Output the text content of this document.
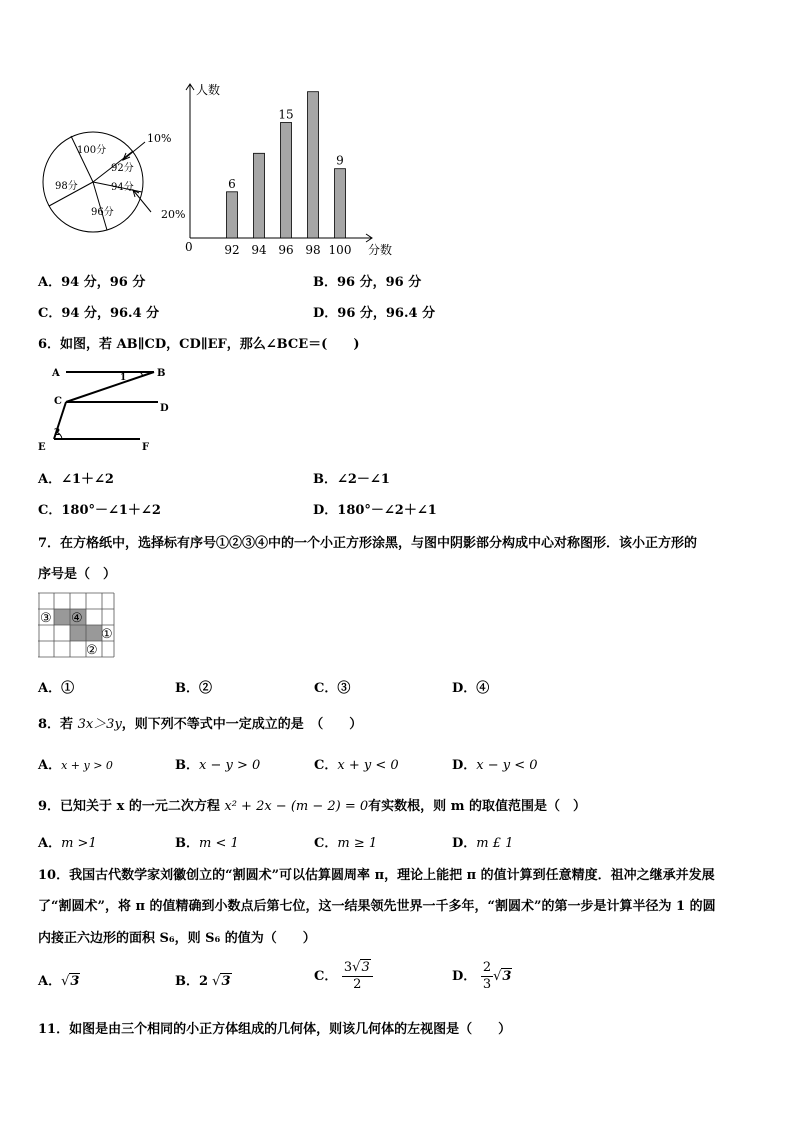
100分
92分
94分
96分
98分
10%
20%
人数
分数
0	92
6
94 96
15
98 100
9
A．94 分，96 分	B．96 分，96 分
C．94 分，96.4 分	D．96 分，96.4 分
6．如图，若 AB∥CD，CD∥EF，那么∠BCE＝(　　)
A	B
C
D
E	F
1
2
A．∠1＋∠2	B．∠2－∠1
C．180°－∠1＋∠2	D．180°－∠2＋∠1
7．在方格纸中，选择标有序号①②③④中的一个小正方形涂黑，与图中阴影部分构成中心对称图形．该小正方形的
序号是（　）
③ ④
①
②
A．①	B．②	C．③	D．④
8．若 3x＞3y，则下列不等式中一定成立的是　（　　）
A．x + y > 0	B．x − y > 0	C．x + y < 0	D．x − y < 0
9．已知关于 x 的一元二次方程 x² + 2x − (m − 2) = 0有实数根，则 m 的取值范围是（　）
A．m >1	B．m < 1	C．m ≥ 1	D．m £ 1
10．我国古代数学家刘徽创立的“割圆术”可以估算圆周率 π，理论上能把 π 的值计算到任意精度．祖冲之继承并发展
了“割圆术”，将 π 的值精确到小数点后第七位，这一结果领先世界一千多年，“割圆术”的第一步是计算半径为 1 的圆
内接正六边形的面积 S₆，则 S₆ 的值为（　　）
A．√3	B．2 √3	C． $\frac{3√3}{2}$	D． $\frac{2}{3} √3$
11．如图是由三个相同的小正方体组成的几何体，则该几何体的左视图是（　　）
